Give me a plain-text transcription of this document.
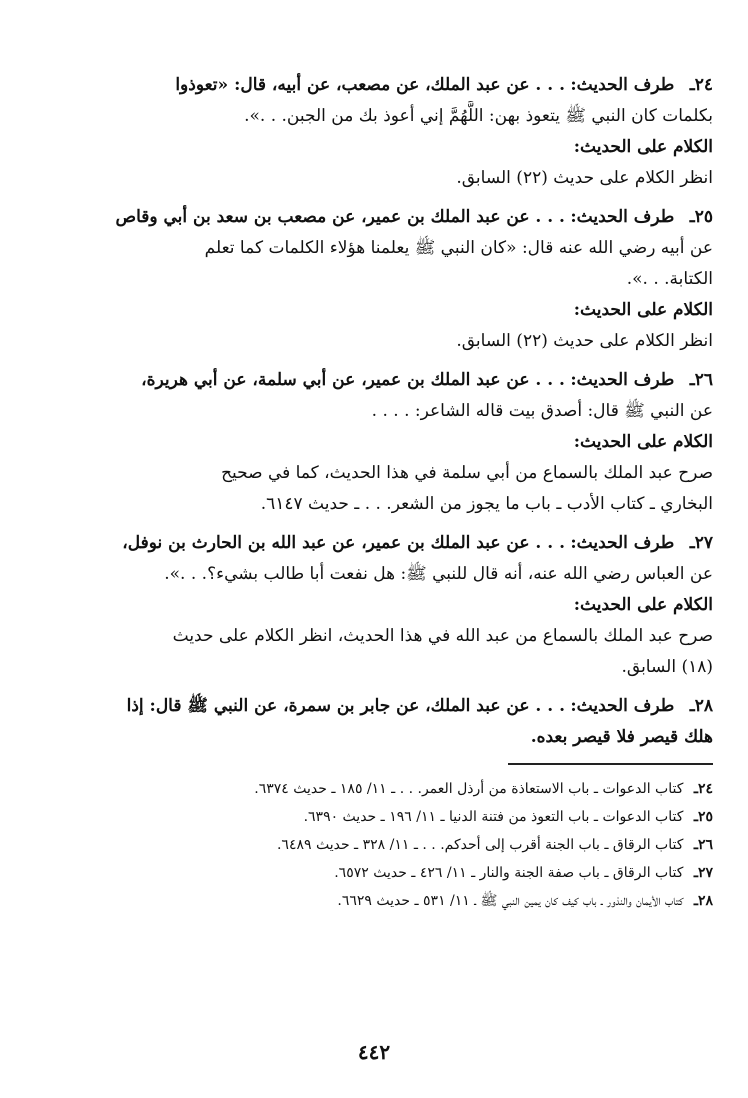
٢٤ـ طرف الحديث: . . . عن عبد الملك، عن مصعب، عن أبيه، قال: «تعوذوا
بكلمات كان النبي ﷺ يتعوذ بهن: اللَّهُمَّ إني أعوذ بك من الجبن. . .».
الكلام على الحديث:
انظر الكلام على حديث (٢٢) السابق.
٢٥ـ طرف الحديث: . . . عن عبد الملك بن عمير، عن مصعب بن سعد بن أبي وقاص
عن أبيه رضي الله عنه قال: «كان النبي ﷺ يعلمنا هؤلاء الكلمات كما تعلم
الكتابة. . .».
الكلام على الحديث:
انظر الكلام على حديث (٢٢) السابق.
٢٦ـ طرف الحديث: . . . عن عبد الملك بن عمير، عن أبي سلمة، عن أبي هريرة،
عن النبي ﷺ قال: أصدق بيت قاله الشاعر: . . . .
الكلام على الحديث:
صرح عبد الملك بالسماع من أبي سلمة في هذا الحديث، كما في صحيح
البخاري ـ كتاب الأدب ـ باب ما يجوز من الشعر. . . ـ حديث ٦١٤٧.
٢٧ـ طرف الحديث: . . . عن عبد الملك بن عمير، عن عبد الله بن الحارث بن نوفل،
عن العباس رضي الله عنه، أنه قال للنبي ﷺ: هل نفعت أبا طالب بشيء؟. . .».
الكلام على الحديث:
صرح عبد الملك بالسماع من عبد الله في هذا الحديث، انظر الكلام على حديث
(١٨) السابق.
٢٨ـ طرف الحديث: . . . عن عبد الملك، عن جابر بن سمرة، عن النبي ﷺ قال: إذا
هلك قيصر فلا قيصر بعده.
٢٤ـ كتاب الدعوات ـ باب الاستعاذة من أرذل العمر. . . ـ ١١/ ١٨٥ ـ حديث ٦٣٧٤.
٢٥ـ كتاب الدعوات ـ باب التعوذ من فتنة الدنيا ـ ١١/ ١٩٦ ـ حديث ٦٣٩٠.
٢٦ـ كتاب الرقاق ـ باب الجنة أقرب إلى أحدكم. . . ـ ١١/ ٣٢٨ ـ حديث ٦٤٨٩.
٢٧ـ كتاب الرقاق ـ باب صفة الجنة والنار ـ ١١/ ٤٢٦ ـ حديث ٦٥٧٢.
٢٨ـ كتاب الأيمان والنذور ـ باب كيف كان يمين النبي ﷺ ـ ١١/ ٥٣١ ـ حديث ٦٦٢٩.
٤٤٢
